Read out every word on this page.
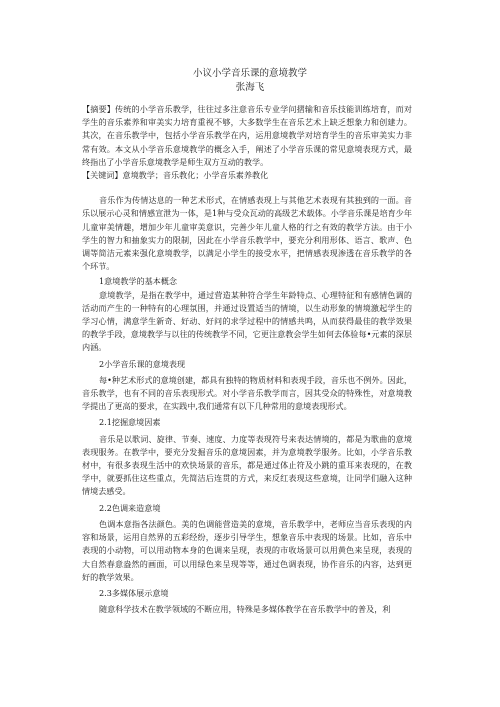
小议小学音乐课的意境教学
张海飞

【摘要】传统的小学音乐教学，往往过多注意音乐专业学问摺输和音乐技能训练培育，而对学生的音乐素养和审美实力培育重视不够，大多数学生在音乐艺术上缺乏想象力和创建力。其次，在音乐教学中，包括小学音乐教学在内，运用意境教学对培育学生的音乐审美实力非常有效。本文从小学音乐意境教学的概念入手，阐述了小学音乐课的常见意境表现方式，最终指出了小学音乐意境教学是师生双方互动的教学。

【关键词】意境教学；音乐教化；小学音乐素养教化

音乐作为传情达息的一种艺术形式，在情感表现上与其他艺术表现有其独到的一面。音乐以展示心灵和情感宣泄为一体，是1种与受众瓦动的高级艺术载体。小学音乐课是培育少年儿童审美情趣，增加少年儿童审美意识，完善少年儿童人格的行之有效的教学方法。由于小学生的智力和抽象实力的限制，因此在小学音乐教学中，要充分利用形体、语言、歌声、色调等简洁元素来强化意境教学，以满足小学生的接受水平，把情感表现渗透在音乐教学的各个环节。

1意境教学的基本概念

意境教学，是指在教学中，通过营造某种符合学生年龄特点、心理特征和有感情色调的活动而产生的一种特有的心理氛围，并通过设置适当的情境，以生动形象的情境激起学生的学习心情，满意学生新奇、好动、好问的求学过程中的情感共鸣，从而获得最佳的教学效果的教学手段，意境教学与以往的传统教学不同，它更注意教会学生如何去体验每•元素的深层内涵。

2小学音乐课的意境表现

每•种艺术形式的意境创建，都具有独特的物质材料和表现手段，音乐也不例外。因此，音乐教学，也有不同的音乐表现形式。对小学音乐教学而言，因其受众的特殊性，对意境教学提出了更高的要求，在实践中,我们通常有以下几种常用的意境表现形式。

2.1挖掘意境因素

音乐是以歌词、旋律、节奏、速度、力度等表现符号来表达情境的，都是为歌曲的意境表现服务。在教学中，要充分发掘音乐的意境因素，并为意境教学服务。比如，小学音乐教材中，有很多表现生活中的欢快场景的音乐，都是通过体止符及小跳的重耳来表现的，在教学中，就要抓住这些重点，先简洁后连贯的方式，来反红表现这些意境，让同学们融入这种情境去感受。

2.2色调来造意境

色调本意指各法颜色。美的色调能营造美的意境，音乐教学中，老师应当音乐表现的内容和场景，运用自然界的五彩经纷，逐步引导学生，想象音乐中表现的场景。比如，音乐中表现的小动物，可以用动物本身的色调来呈现，表现的市收场景可以用黄色来呈现，表现的大自然春意盎然的画面，可以用绿色来呈现等等，通过色调表现，协作音乐的内容，达到更好的教学效果。

2.3多媒体展示意境

随意科学技术在教学领域的不断应用，特殊是多媒体教学在音乐教学中的普及，利
